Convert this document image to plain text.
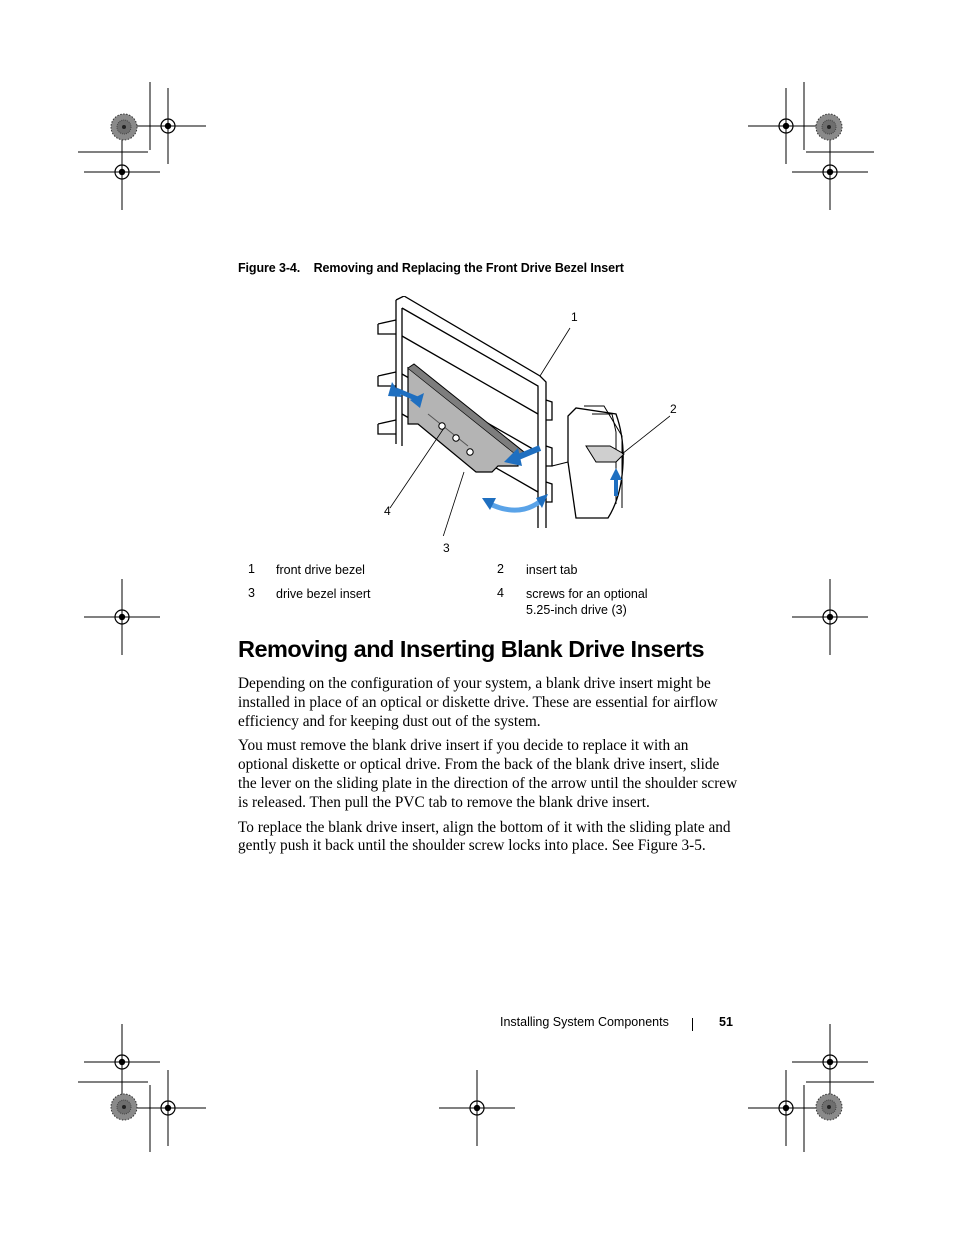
Figure 3-4.    Removing and Replacing the Front Drive Bezel Insert
1
2
3
4
1	front drive bezel	2	insert tab
3	drive bezel insert	4	screws for an optional 5.25-inch drive (3)
Removing and Inserting Blank Drive Inserts

Depending on the configuration of your system, a blank drive insert might be installed in place of an optical or diskette drive. These are essential for airflow efficiency and for keeping dust out of the system.

You must remove the blank drive insert if you decide to replace it with an optional diskette or optical drive. From the back of the blank drive insert, slide the lever on the sliding plate in the direction of the arrow until the shoulder screw is released. Then pull the PVC tab to remove the blank drive insert.

To replace the blank drive insert, align the bottom of it with the sliding plate and gently push it back until the shoulder screw locks into place. See Figure 3-5.

Installing System Components	51
